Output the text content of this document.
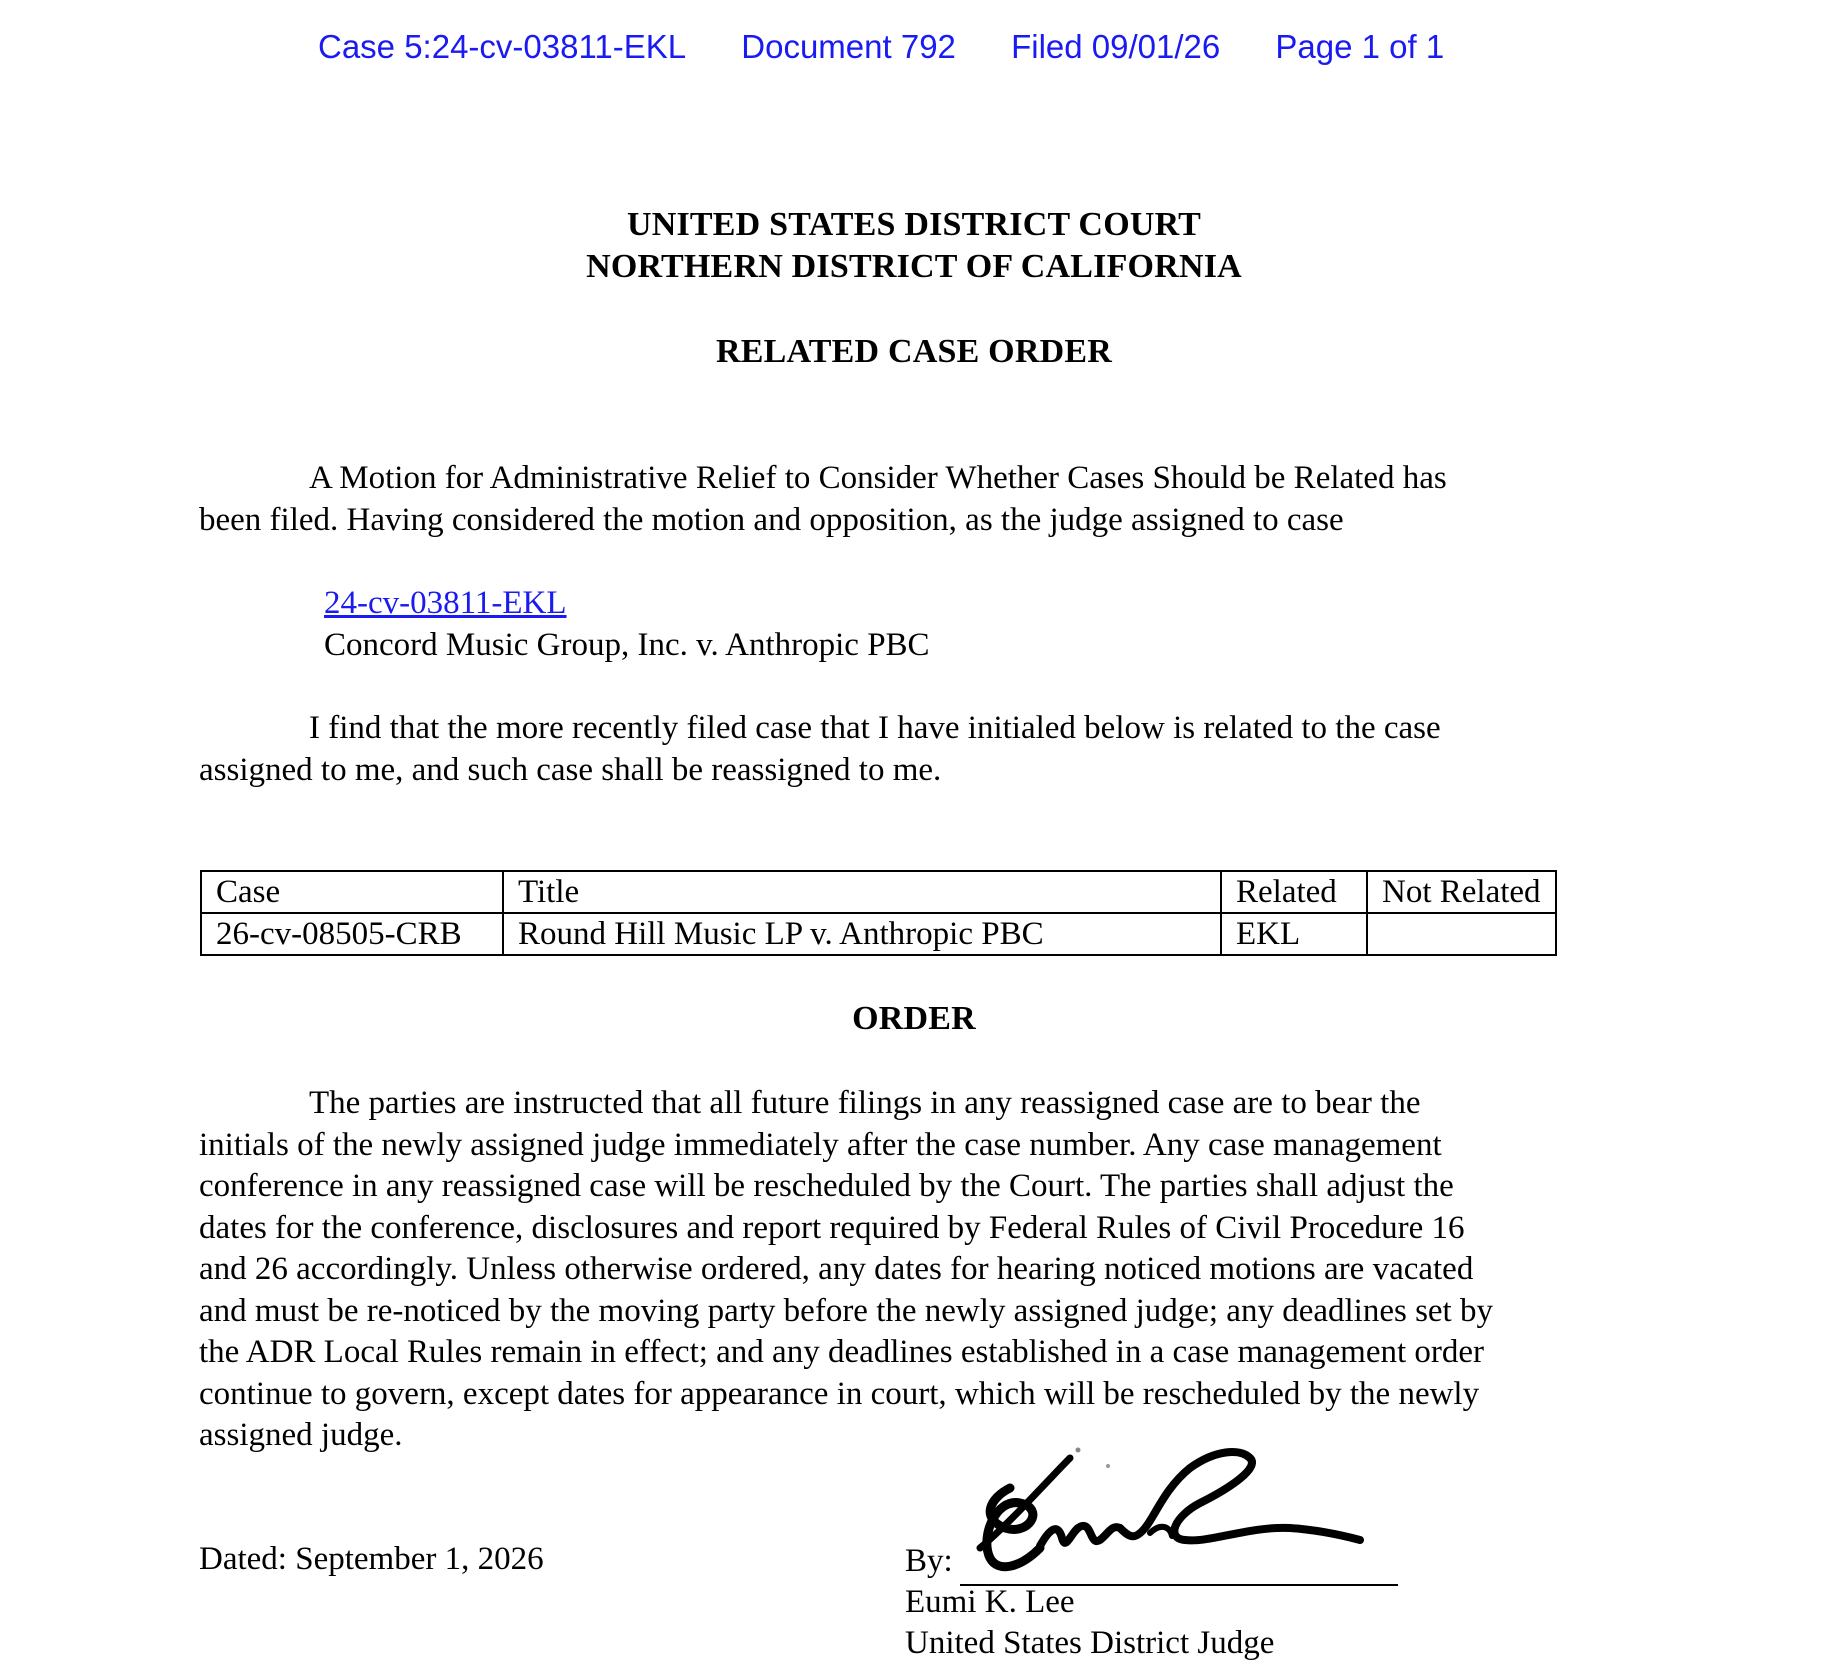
Case 5:24-cv-03811-EKL Document 792 Filed 09/01/26 Page 1 of 1
UNITED STATES DISTRICT COURT
NORTHERN DISTRICT OF CALIFORNIA
RELATED CASE ORDER
A Motion for Administrative Relief to Consider Whether Cases Should be Related has
been filed. Having considered the motion and opposition, as the judge assigned to case
24-cv-03811-EKL
Concord Music Group, Inc. v. Anthropic PBC
I find that the more recently filed case that I have initialed below is related to the case
assigned to me, and such case shall be reassigned to me.
Case	Title	Related	Not Related
26-cv-08505-CRB	Round Hill Music LP v. Anthropic PBC	EKL	
ORDER
The parties are instructed that all future filings in any reassigned case are to bear the
initials of the newly assigned judge immediately after the case number. Any case management
conference in any reassigned case will be rescheduled by the Court. The parties shall adjust the
dates for the conference, disclosures and report required by Federal Rules of Civil Procedure 16
and 26 accordingly. Unless otherwise ordered, any dates for hearing noticed motions are vacated
and must be re-noticed by the moving party before the newly assigned judge; any deadlines set by
the ADR Local Rules remain in effect; and any deadlines established in a case management order
continue to govern, except dates for appearance in court, which will be rescheduled by the newly
assigned judge.
Dated: September 1, 2026	By:
Eumi K. Lee
United States District Judge
